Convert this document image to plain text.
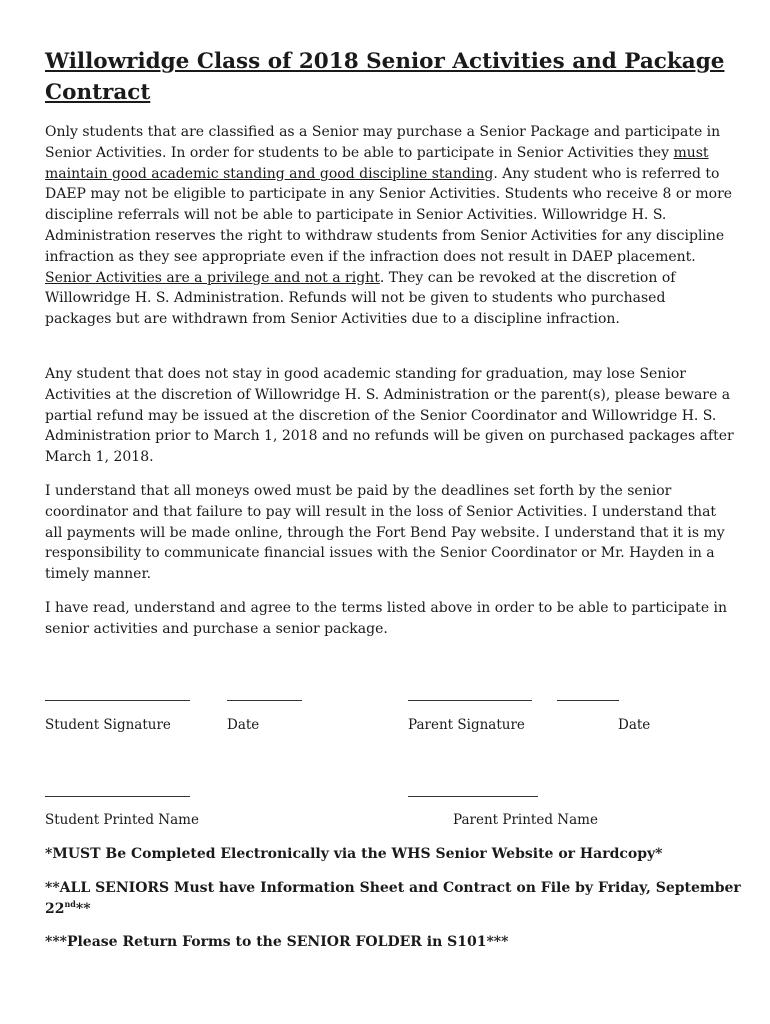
Willowridge Class of 2018 Senior Activities and Package Contract

Only students that are classified as a Senior may purchase a Senior Package and participate in Senior Activities. In order for students to be able to participate in Senior Activities they must maintain good academic standing and good discipline standing. Any student who is referred to DAEP may not be eligible to participate in any Senior Activities. Students who receive 8 or more discipline referrals will not be able to participate in Senior Activities. Willowridge H. S. Administration reserves the right to withdraw students from Senior Activities for any discipline infraction as they see appropriate even if the infraction does not result in DAEP placement. Senior Activities are a privilege and not a right. They can be revoked at the discretion of Willowridge H. S. Administration. Refunds will not be given to students who purchased packages but are withdrawn from Senior Activities due to a discipline infraction.

Any student that does not stay in good academic standing for graduation, may lose Senior Activities at the discretion of Willowridge H. S. Administration or the parent(s), please beware a partial refund may be issued at the discretion of the Senior Coordinator and Willowridge H. S. Administration prior to March 1, 2018 and no refunds will be given on purchased packages after March 1, 2018.

I understand that all moneys owed must be paid by the deadlines set forth by the senior coordinator and that failure to pay will result in the loss of Senior Activities. I understand that all payments will be made online, through the Fort Bend Pay website. I understand that it is my responsibility to communicate financial issues with the Senior Coordinator or Mr. Hayden in a timely manner.

I have read, understand and agree to the terms listed above in order to be able to participate in senior activities and purchase a senior package.

Student Signature	Date	Parent Signature	Date
Student Printed Name	Parent Printed Name

*MUST Be Completed Electronically via the WHS Senior Website or Hardcopy*

**ALL SENIORS Must have Information Sheet and Contract on File by Friday, September 22nd**

***Please Return Forms to the SENIOR FOLDER in S101***
